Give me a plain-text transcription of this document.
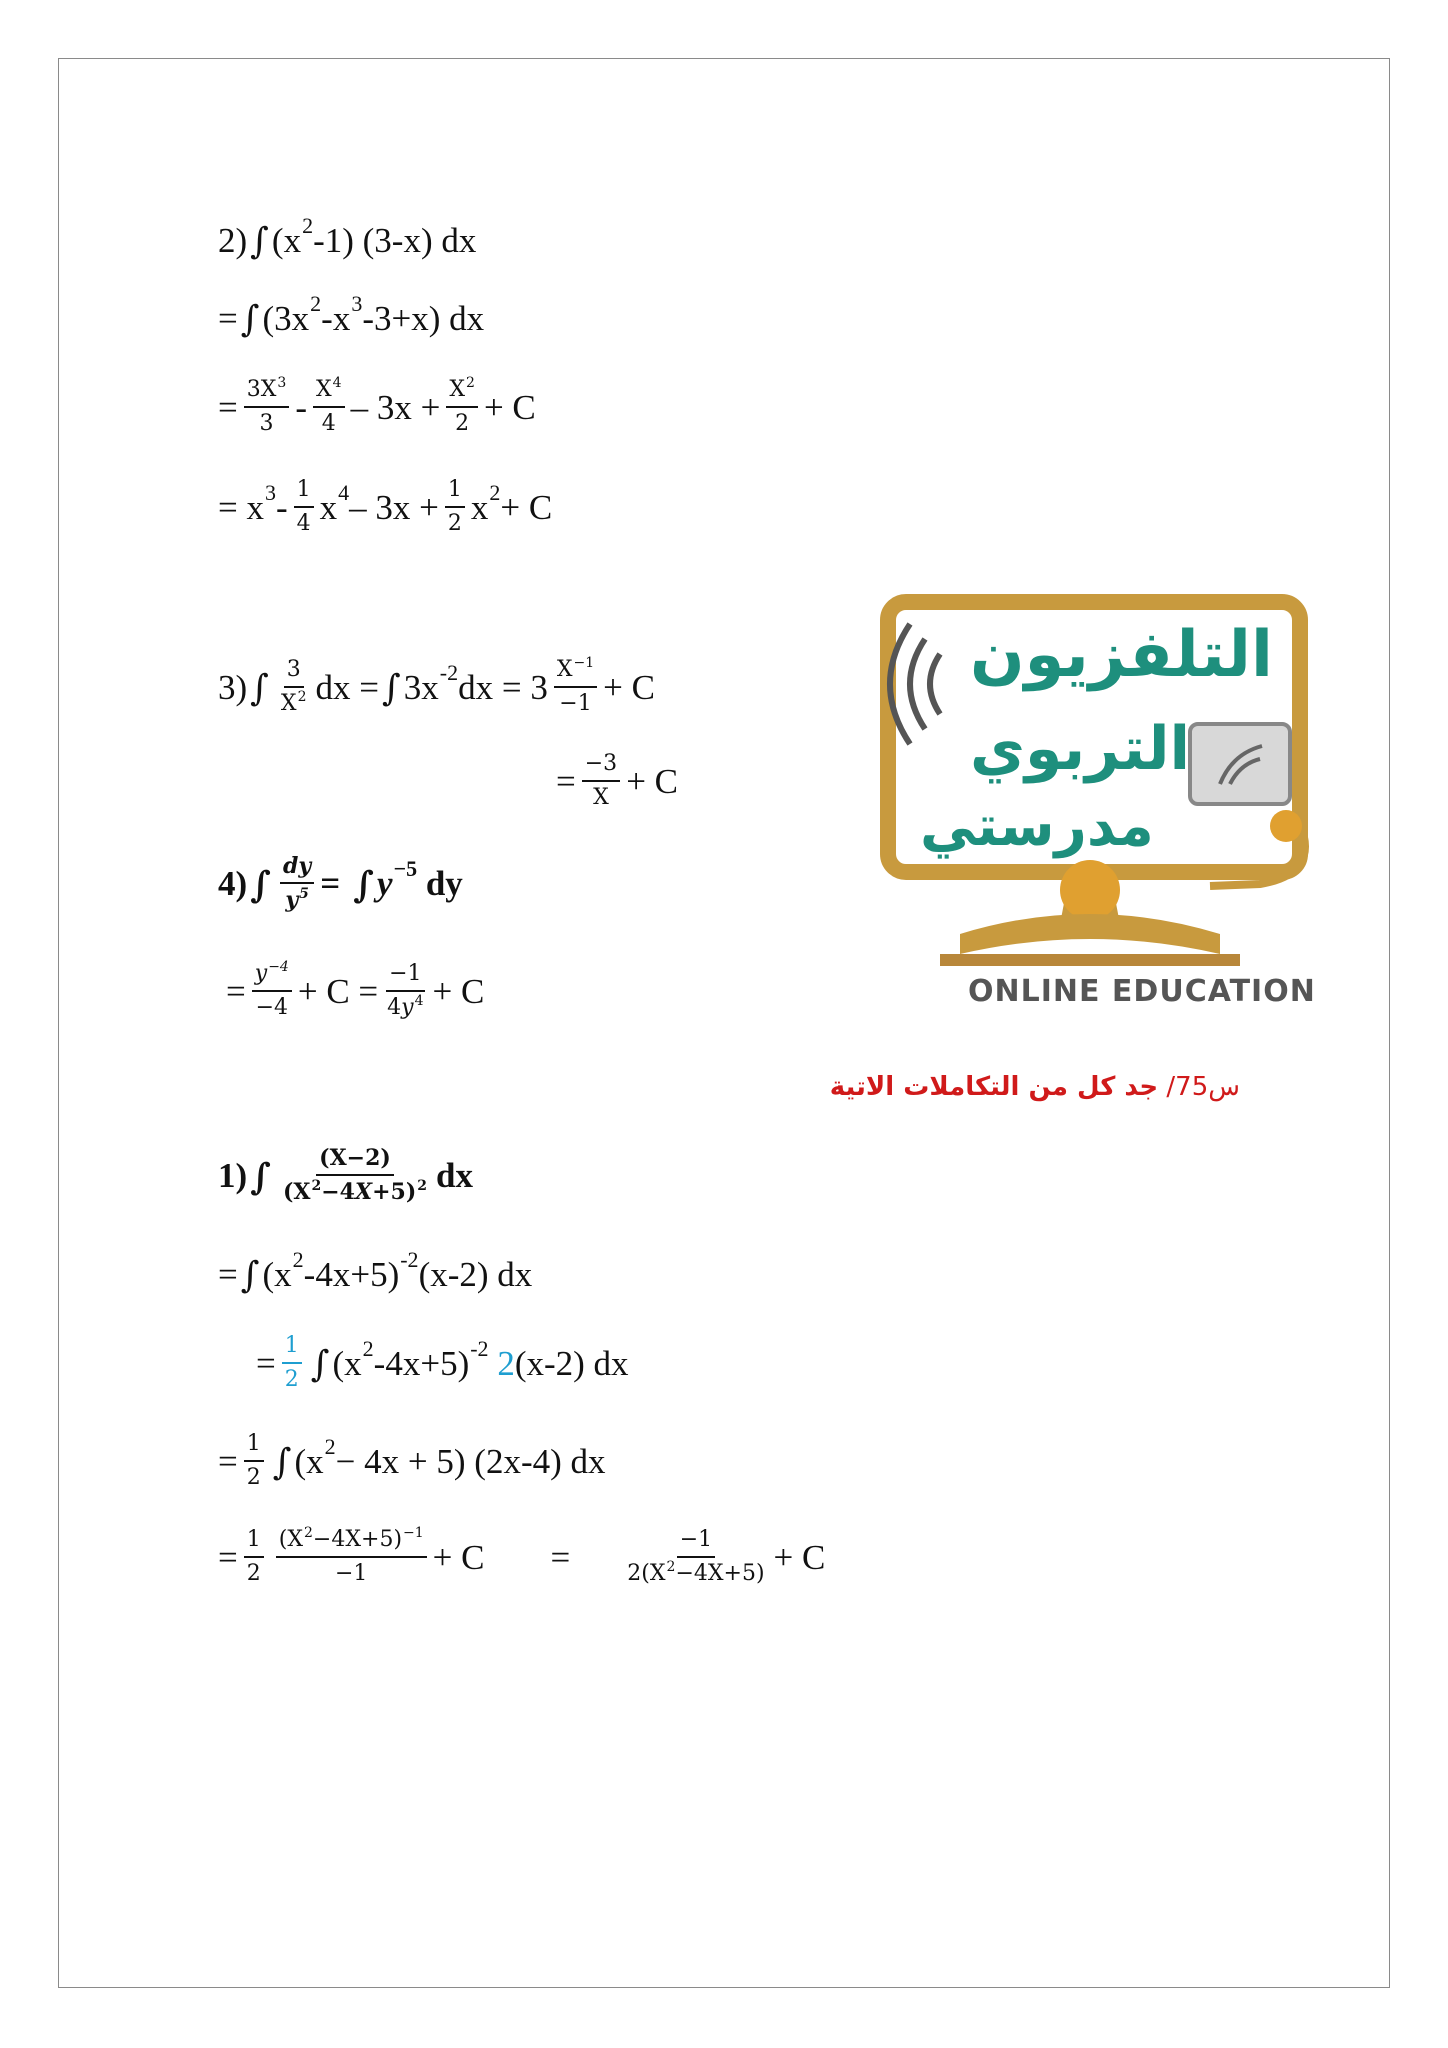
2) ∫ ($x^2$ -1) (3-x) dx
= ∫ ($3x^2$ $-x^3$ -3+x) dx
= $\frac{3X^3}{3} - \frac{X^4}{4} - 3x + \frac{X^2}{2} + C$
= $x^3 - \frac{1}{4} x^4 - 3x + \frac{1}{2} x^2 + C$
3) ∫ $\frac{3}{X^2}$ dx = ∫ $3x^{-2}$ dx = $3 \frac{X^{-1}}{-1} + C$
= $\frac{-3}{X} + C$
4) ∫ $\frac{dy}{y^5}$ = ∫ $y^{-5}$ dy
= $\frac{y^{-4}}{-4} + C = \frac{-1}{4y^4} + C$
التلفزيون
التربوي
مدرستي
ONLINE EDUCATION
س75/ جد كل من التكاملات الاتية
1) ∫ $\frac{(X-2)}{(X^2-4X+5)^2}$ dx
= ∫ ($x^2$ -4x+5)$^{-2}$ (x-2) dx
= $\frac{1}{2}$ ∫ ($x^2$ -4x+5)$^{-2}$
2 (x-2) dx
= $\frac{1}{2}$ ∫ $(x^2 - 4x + 5)$ (2x-4) dx
= $\frac{1}{2} \frac{(X^2-4X+5)^{-1}}{-1} + C = \frac{-1}{2(X^2-4X+5)} + C$
